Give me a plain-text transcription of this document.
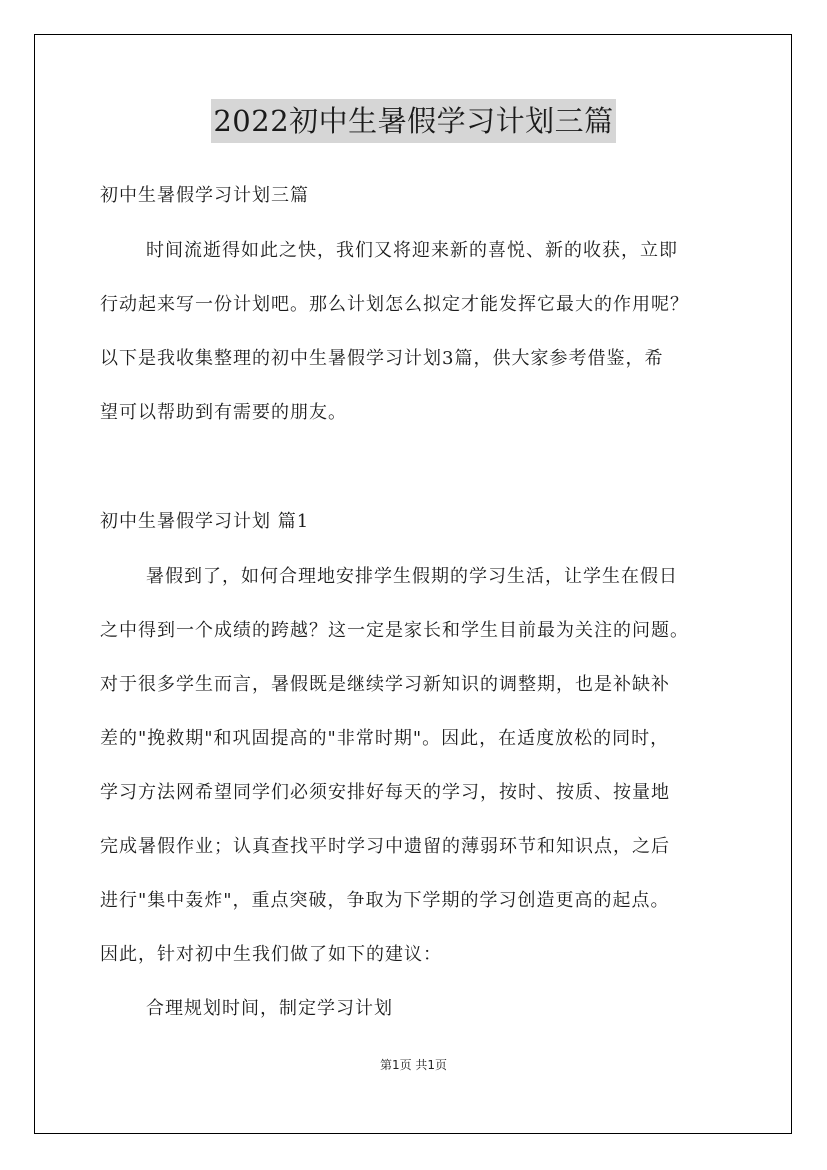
2022初中生暑假学习计划三篇
初中生暑假学习计划三篇
时间流逝得如此之快，我们又将迎来新的喜悦、新的收获，立即
行动起来写一份计划吧。那么计划怎么拟定才能发挥它最大的作用呢？
以下是我收集整理的初中生暑假学习计划3篇，供大家参考借鉴，希
望可以帮助到有需要的朋友。
初中生暑假学习计划 篇1
暑假到了，如何合理地安排学生假期的学习生活，让学生在假日
之中得到一个成绩的跨越？这一定是家长和学生目前最为关注的问题。
对于很多学生而言，暑假既是继续学习新知识的调整期，也是补缺补
差的"挽救期"和巩固提高的"非常时期"。因此，在适度放松的同时，
学习方法网希望同学们必须安排好每天的学习，按时、按质、按量地
完成暑假作业；认真查找平时学习中遗留的薄弱环节和知识点，之后
进行"集中轰炸"，重点突破，争取为下学期的学习创造更高的起点。
因此，针对初中生我们做了如下的建议：
合理规划时间，制定学习计划
第1页 共1页
